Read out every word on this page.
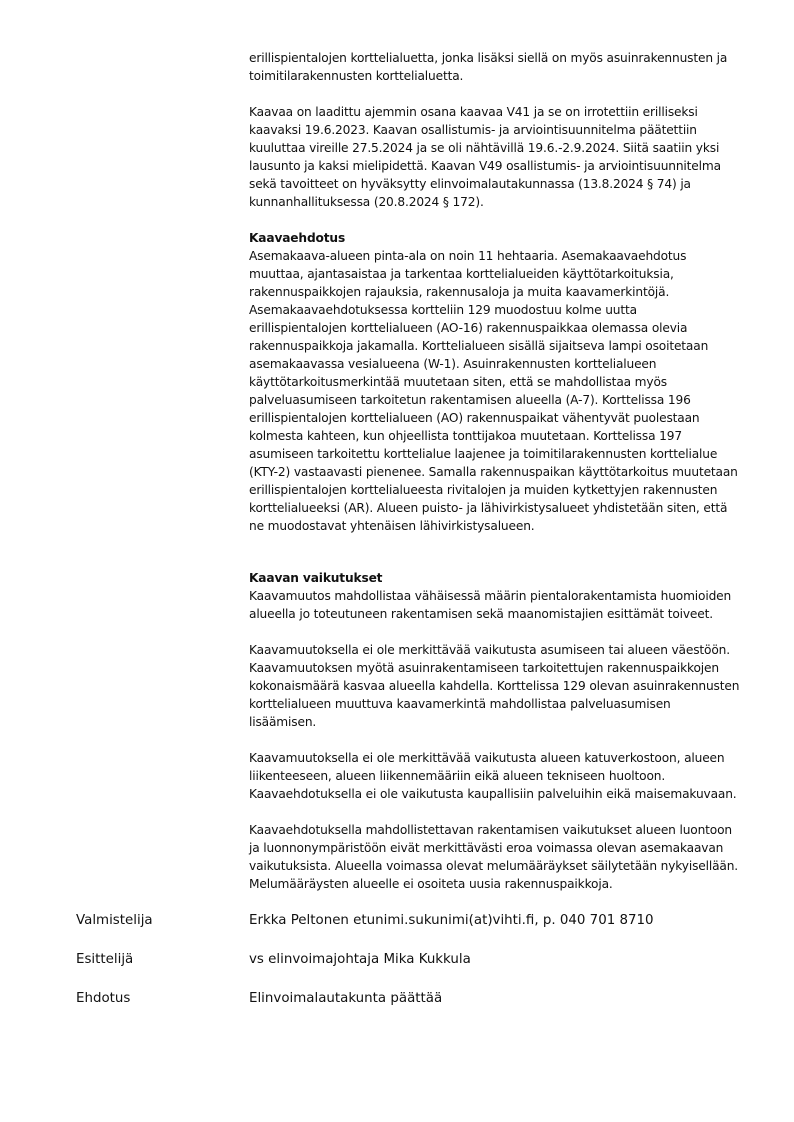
erillispientalojen korttelialuetta, jonka lisäksi siellä on myös asuinrakennusten ja
toimitilarakennusten korttelialuetta.

Kaavaa on laadittu ajemmin osana kaavaa V41 ja se on irrotettiin erilliseksi
kaavaksi 19.6.2023. Kaavan osallistumis- ja arviointisuunnitelma päätettiin
kuuluttaa vireille 27.5.2024 ja se oli nähtävillä 19.6.-2.9.2024. Siitä saatiin yksi
lausunto ja kaksi mielipidettä. Kaavan V49 osallistumis- ja arviointisuunnitelma
sekä tavoitteet on hyväksytty elinvoimalautakunnassa (13.8.2024 § 74) ja
kunnanhallituksessa (20.8.2024 § 172).

Kaavaehdotus

Asemakaava-alueen pinta-ala on noin 11 hehtaaria. Asemakaavaehdotus
muuttaa, ajantasaistaa ja tarkentaa korttelialueiden käyttötarkoituksia,
rakennuspaikkojen rajauksia, rakennusaloja ja muita kaavamerkintöjä.
Asemakaavaehdotuksessa kortteliin 129 muodostuu kolme uutta
erillispientalojen korttelialueen (AO-16) rakennuspaikkaa olemassa olevia
rakennuspaikkoja jakamalla. Korttelialueen sisällä sijaitseva lampi osoitetaan
asemakaavassa vesialueena (W-1). Asuinrakennusten korttelialueen
käyttötarkoitusmerkintää muutetaan siten, että se mahdollistaa myös
palveluasumiseen tarkoitetun rakentamisen alueella (A-7). Korttelissa 196
erillispientalojen korttelialueen (AO) rakennuspaikat vähentyvät puolestaan
kolmesta kahteen, kun ohjeellista tonttijakoa muutetaan. Korttelissa 197
asumiseen tarkoitettu korttelialue laajenee ja toimitilarakennusten korttelialue
(KTY-2) vastaavasti pienenee. Samalla rakennuspaikan käyttötarkoitus muutetaan
erillispientalojen korttelialueesta rivitalojen ja muiden kytkettyjen rakennusten
korttelialueeksi (AR). Alueen puisto- ja lähivirkistysalueet yhdistetään siten, että
ne muodostavat yhtenäisen lähivirkistysalueen.

Kaavan vaikutukset

Kaavamuutos mahdollistaa vähäisessä määrin pientalorakentamista huomioiden
alueella jo toteutuneen rakentamisen sekä maanomistajien esittämät toiveet.

Kaavamuutoksella ei ole merkittävää vaikutusta asumiseen tai alueen väestöön.
Kaavamuutoksen myötä asuinrakentamiseen tarkoitettujen rakennuspaikkojen
kokonaismäärä kasvaa alueella kahdella. Korttelissa 129 olevan asuinrakennusten
korttelialueen muuttuva kaavamerkintä mahdollistaa palveluasumisen
lisäämisen.

Kaavamuutoksella ei ole merkittävää vaikutusta alueen katuverkostoon, alueen
liikenteeseen, alueen liikennemääriin eikä alueen tekniseen huoltoon.
Kaavaehdotuksella ei ole vaikutusta kaupallisiin palveluihin eikä maisemakuvaan.

Kaavaehdotuksella mahdollistettavan rakentamisen vaikutukset alueen luontoon
ja luonnonympäristöön eivät merkittävästi eroa voimassa olevan asemakaavan
vaikutuksista. Alueella voimassa olevat melumääräykset säilytetään nykyisellään.
Melumääräysten alueelle ei osoiteta uusia rakennuspaikkoja.

Valmistelija	Erkka Peltonen etunimi.sukunimi(at)vihti.fi, p. 040 701 8710
Esittelijä	vs elinvoimajohtaja Mika Kukkula
Ehdotus	Elinvoimalautakunta päättää
